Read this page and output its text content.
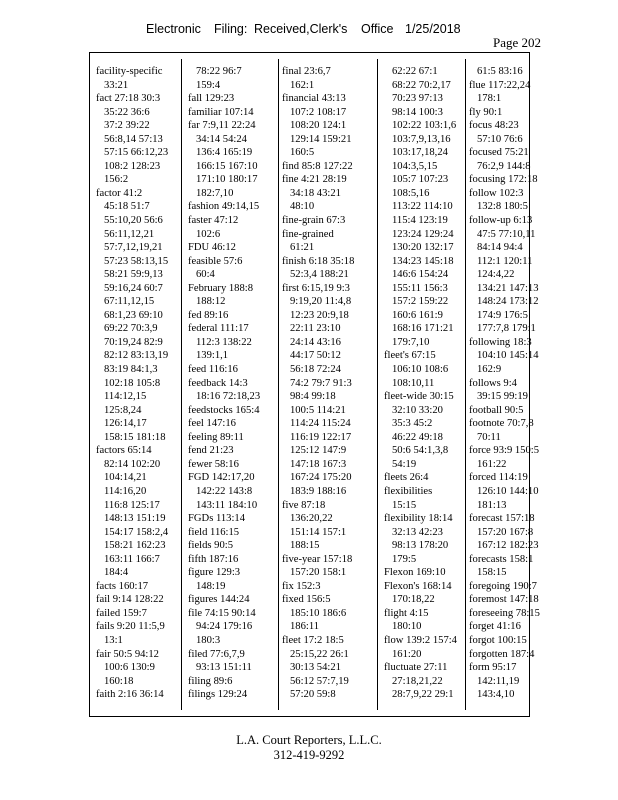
Electronic Filing: Received,Clerk's Office 1/25/2018
Page 202
facility-specific
33:21
fact 27:18 30:3
35:22 36:6
37:2 39:22
56:8,14 57:13
57:15 66:12,23
108:2 128:23
156:2
factor 41:2
45:18 51:7
55:10,20 56:6
56:11,12,21
57:7,12,19,21
57:23 58:13,15
58:21 59:9,13
59:16,24 60:7
67:11,12,15
68:1,23 69:10
69:22 70:3,9
70:19,24 82:9
82:12 83:13,19
83:19 84:1,3
102:18 105:8
114:12,15
125:8,24
126:14,17
158:15 181:18
factors 65:14
82:14 102:20
104:14,21
114:16,20
116:8 125:17
148:13 151:19
154:17 158:2,4
158:21 162:23
163:11 166:7
184:4
facts 160:17
fail 9:14 128:22
failed 159:7
fails 9:20 11:5,9
13:1
fair 50:5 94:12
100:6 130:9
160:18
faith 2:16 36:14
78:22 96:7
159:4
fall 129:23
familiar 107:14
far 7:9,11 22:24
34:14 54:24
136:4 165:19
166:15 167:10
171:10 180:17
182:7,10
fashion 49:14,15
faster 47:12
102:6
FDU 46:12
feasible 57:6
60:4
February 188:8
188:12
fed 89:16
federal 111:17
112:3 138:22
139:1,1
feed 116:16
feedback 14:3
18:16 72:18,23
feedstocks 165:4
feel 147:16
feeling 89:11
fend 21:23
fewer 58:16
FGD 142:17,20
142:22 143:8
143:11 184:10
FGDs 113:14
field 116:15
fields 90:5
fifth 187:16
figure 129:3
148:19
figures 144:24
file 74:15 90:14
94:24 179:16
180:3
filed 77:6,7,9
93:13 151:11
filing 89:6
filings 129:24
final 23:6,7
162:1
financial 43:13
107:2 108:17
108:20 124:1
129:14 159:21
160:5
find 85:8 127:22
fine 4:21 28:19
34:18 43:21
48:10
fine-grain 67:3
fine-grained
61:21
finish 6:18 35:18
52:3,4 188:21
first 6:15,19 9:3
9:19,20 11:4,8
12:23 20:9,18
22:11 23:10
24:14 43:16
44:17 50:12
56:18 72:24
74:2 79:7 91:3
98:4 99:18
100:5 114:21
114:24 115:24
116:19 122:17
125:12 147:9
147:18 167:3
167:24 175:20
183:9 188:16
five 87:18
136:20,22
151:14 157:1
188:15
five-year 157:18
157:20 158:1
fix 152:3
fixed 156:5
185:10 186:6
186:11
fleet 17:2 18:5
25:15,22 26:1
30:13 54:21
56:12 57:7,19
57:20 59:8
62:22 67:1
68:22 70:2,17
70:23 97:13
98:14 100:3
102:22 103:1,6
103:7,9,13,16
103:17,18,24
104:3,5,15
105:7 107:23
108:5,16
113:22 114:10
115:4 123:19
123:24 129:24
130:20 132:17
134:23 145:18
146:6 154:24
155:11 156:3
157:2 159:22
160:6 161:9
168:16 171:21
179:7,10
fleet's 67:15
106:10 108:6
108:10,11
fleet-wide 30:15
32:10 33:20
35:3 45:2
46:22 49:18
50:6 54:1,3,8
54:19
fleets 26:4
flexibilities
15:15
flexibility 18:14
32:13 42:23
98:13 178:20
179:5
Flexon 169:10
Flexon's 168:14
170:18,22
flight 4:15
180:10
flow 139:2 157:4
161:20
fluctuate 27:11
27:18,21,22
28:7,9,22 29:1
61:5 83:16
flue 117:22,24
178:1
fly 90:1
focus 48:23
57:10 76:6
focused 75:21
76:2,9 144:8
focusing 172:18
follow 102:3
132:8 180:5
follow-up 6:13
47:5 77:10,11
84:14 94:4
112:1 120:11
124:4,22
134:21 147:13
148:24 173:12
174:9 176:5
177:7,8 179:1
following 18:3
104:10 145:14
162:9
follows 9:4
39:15 99:19
football 90:5
footnote 70:7,8
70:11
force 93:9 150:5
161:22
forced 114:19
126:10 144:10
181:13
forecast 157:18
157:20 167:8
167:12 182:23
forecasts 158:1
158:15
foregoing 190:7
foremost 147:18
foreseeing 78:15
forget 41:16
forgot 100:15
forgotten 187:4
form 95:17
142:11,19
143:4,10
L.A. Court Reporters, L.L.C.
312-419-9292
